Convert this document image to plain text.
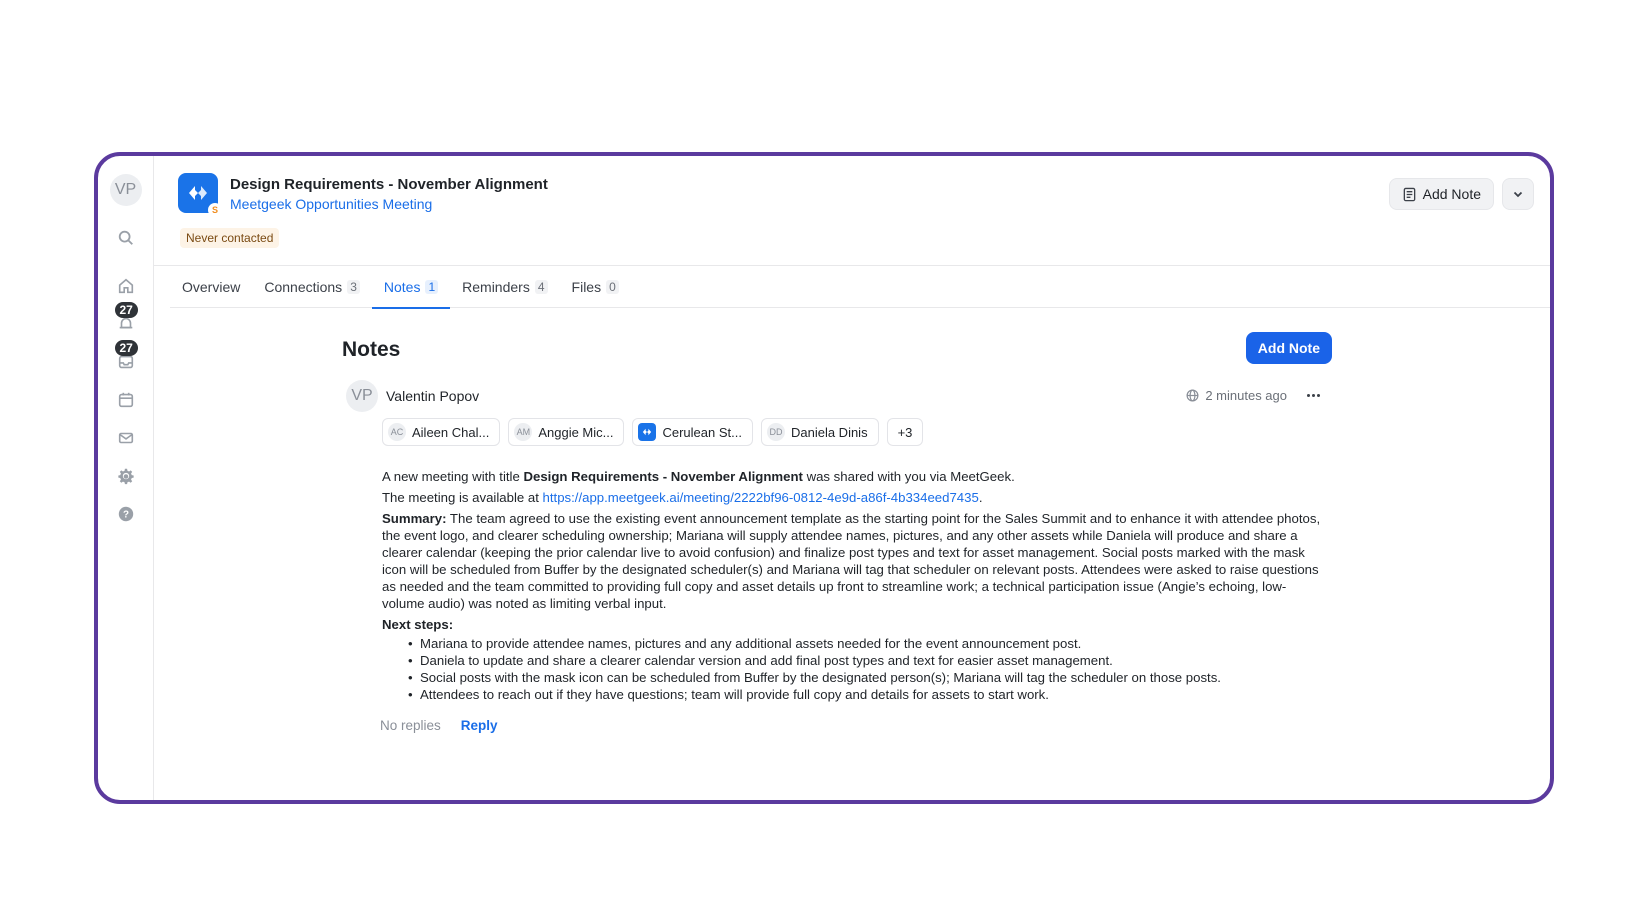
VP
27
27
?
S
Design Requirements - November Alignment
Meetgeek Opportunities Meeting
Never contacted
Add Note
Overview Connections 3 Notes 1 Reminders 4 Files 0
Notes	Add Note
VP Valentin Popov	2 minutes ago
AC Aileen Chal...	AM Anggie Mic...	Cerulean St...	DD Daniela Dinis	+3

A new meeting with title Design Requirements - November Alignment was shared with you via MeetGeek.

The meeting is available at https://app.meetgeek.ai/meeting/2222bf96-0812-4e9d-a86f-4b334eed7435.

Summary: The team agreed to use the existing event announcement template as the starting point for the Sales Summit and to enhance it with attendee photos, the event logo, and clearer scheduling ownership; Mariana will supply attendee names, pictures, and any other assets while Daniela will produce and share a clearer calendar (keeping the prior calendar live to avoid confusion) and finalize post types and text for asset management. Social posts marked with the mask icon will be scheduled from Buffer by the designated scheduler(s) and Mariana will tag that scheduler on relevant posts. Attendees were asked to raise questions as needed and the team committed to providing full copy and asset details up front to streamline work; a technical participation issue (Angie’s echoing, low-volume audio) was noted as limiting verbal input.

Next steps:

• Mariana to provide attendee names, pictures and any additional assets needed for the event announcement post.
• Daniela to update and share a clearer calendar version and add final post types and text for easier asset management.
• Social posts with the mask icon can be scheduled from Buffer by the designated person(s); Mariana will tag the scheduler on those posts.
• Attendees to reach out if they have questions; team will provide full copy and details for assets to start work.
No replies Reply
